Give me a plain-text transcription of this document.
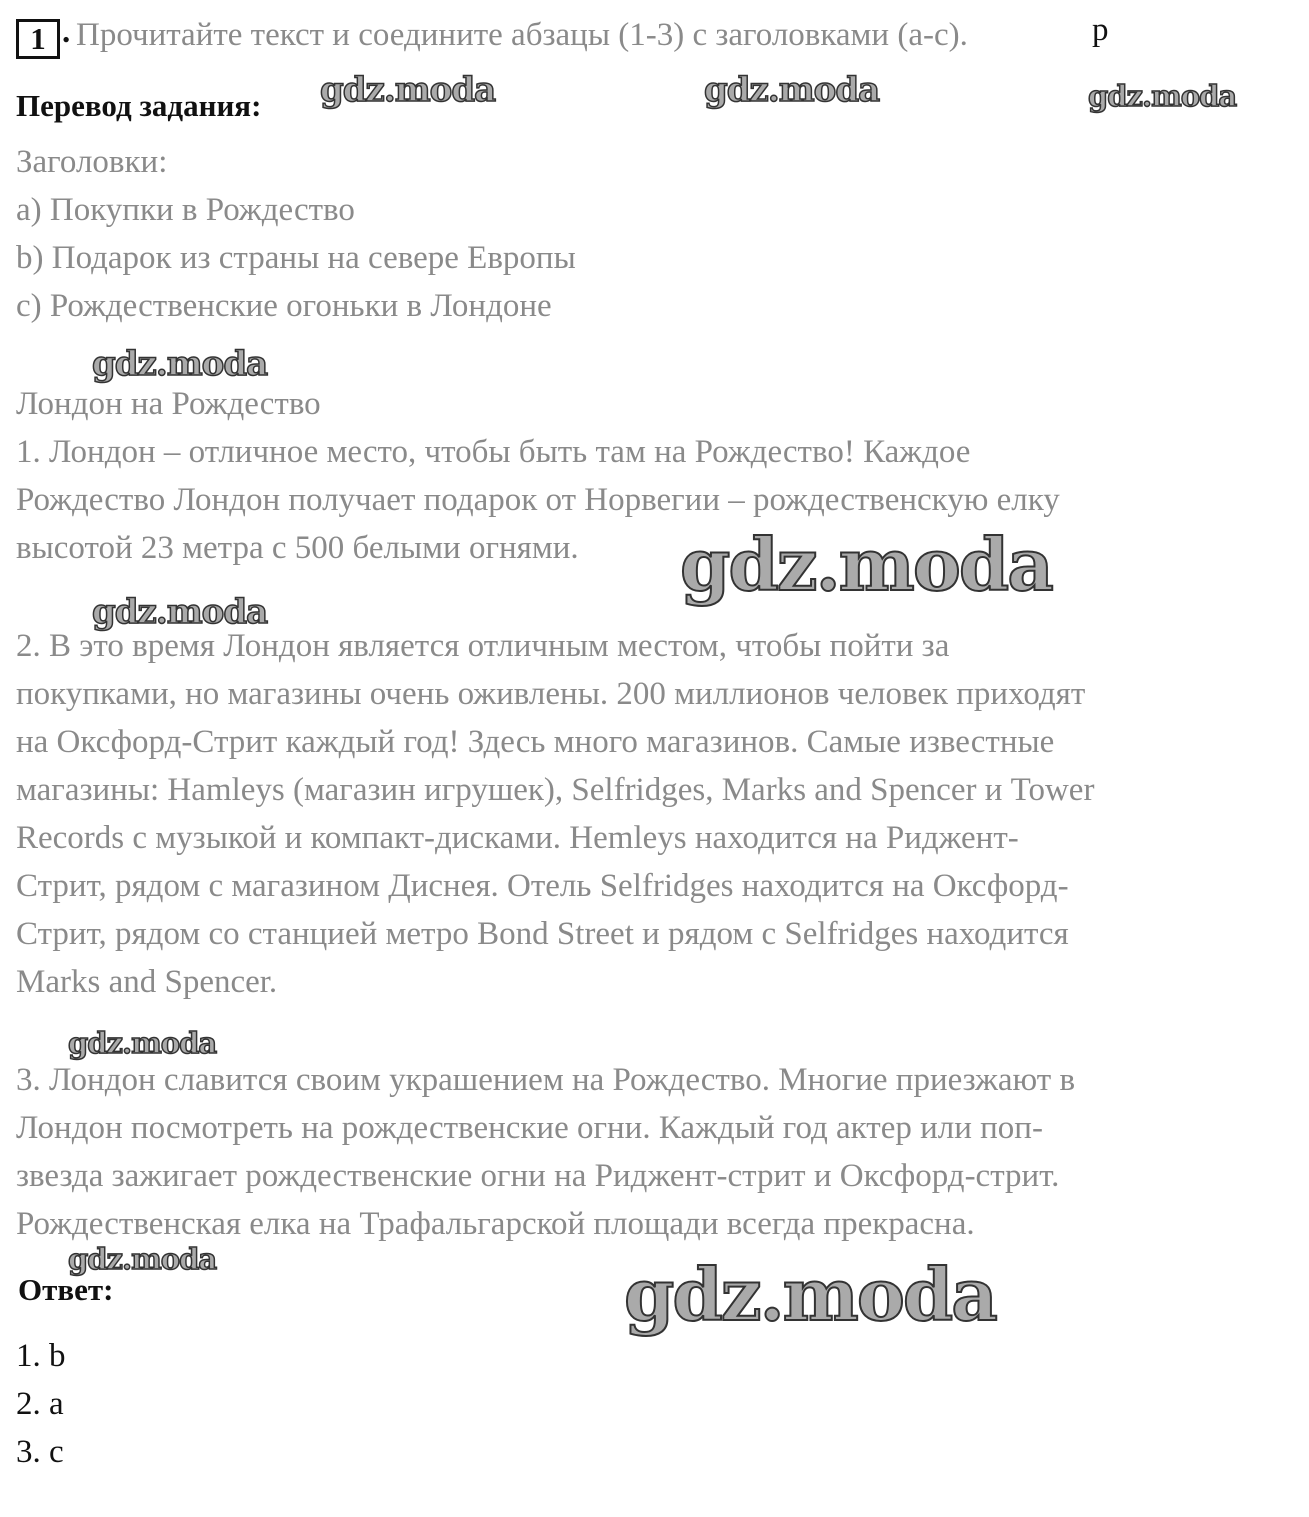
1 . Прочитайте текст и соедините абзацы (1-3) с заголовками (a-c).	p
Перевод задания:
Заголовки:
a) Покупки в Рождество
b) Подарок из страны на севере Европы
c) Рождественские огоньки в Лондоне
Лондон на Рождество
1. Лондон – отличное место, чтобы быть там на Рождество! Каждое
Рождество Лондон получает подарок от Норвегии – рождественскую елку
высотой 23 метра с 500 белыми огнями.
2. В это время Лондон является отличным местом, чтобы пойти за
покупками, но магазины очень оживлены. 200 миллионов человек приходят
на Оксфорд-Стрит каждый год! Здесь много магазинов. Самые известные
магазины: Hamleys (магазин игрушек), Selfridges, Marks and Spencer и Tower
Records с музыкой и компакт-дисками. Hemleys находится на Риджент-
Стрит, рядом с магазином Диснея. Отель Selfridges находится на Оксфорд-
Стрит, рядом со станцией метро Bond Street и рядом с Selfridges находится
Marks and Spencer.
3. Лондон славится своим украшением на Рождество. Многие приезжают в
Лондон посмотреть на рождественские огни. Каждый год актер или поп-
звезда зажигает рождественские огни на Риджент-стрит и Оксфорд-стрит.
Рождественская елка на Трафальгарской площади всегда прекрасна.
Ответ:
1. b
2. a
3. c
gdz.moda	gdz.moda	gdz.moda
gdz.moda
gdz.moda
gdz.moda
gdz.moda
gdz.moda	gdz.moda
